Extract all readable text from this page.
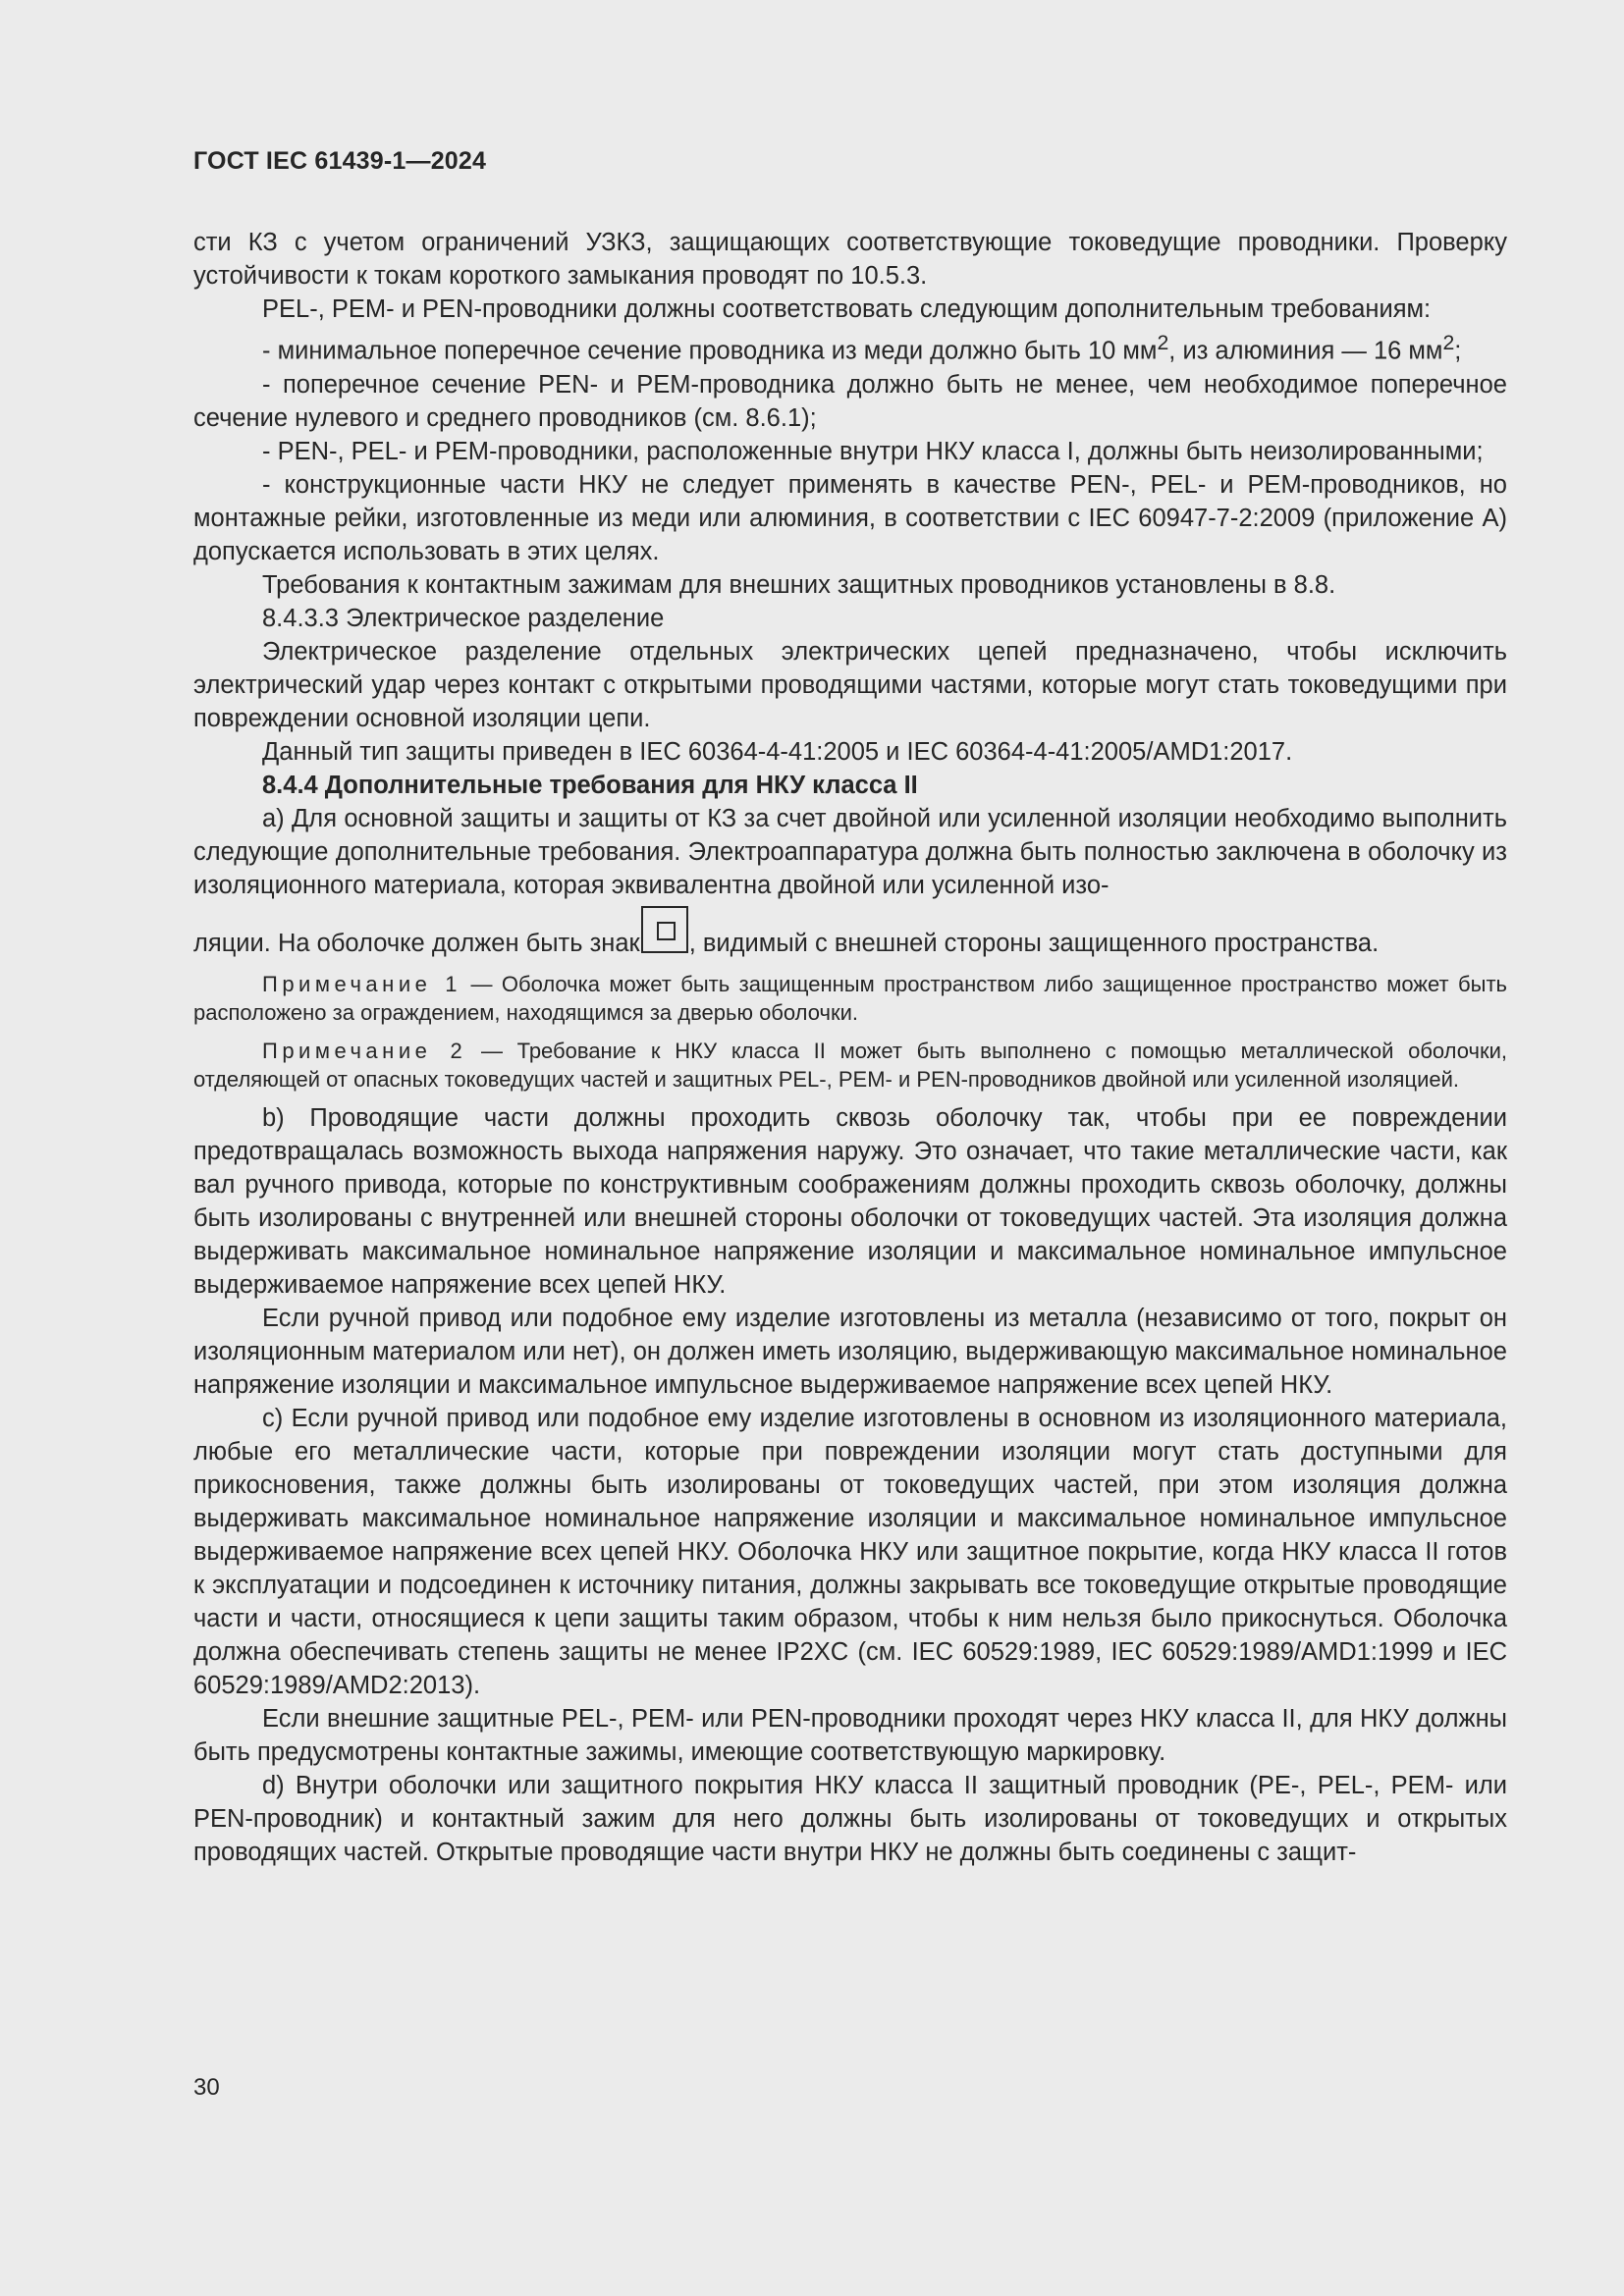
ГОСТ IEC 61439-1—2024

сти КЗ с учетом ограничений УЗКЗ, защищающих соответствующие токоведущие проводники. Проверку устойчивости к токам короткого замыкания проводят по 10.5.3.

PEL-, PEM- и PEN-проводники должны соответствовать следующим дополнительным требованиям:

- минимальное поперечное сечение проводника из меди должно быть 10 $мм^2$, из алюминия — 16 $мм^2$;

- поперечное сечение PEN- и PEM-проводника должно быть не менее, чем необходимое поперечное сечение нулевого и среднего проводников (см. 8.6.1);

- PEN-, PEL- и PEM-проводники, расположенные внутри НКУ класса I, должны быть неизолированными;

- конструкционные части НКУ не следует применять в качестве PEN-, PEL- и PEM-проводников, но монтажные рейки, изготовленные из меди или алюминия, в соответствии с IEC 60947-7-2:2009 (приложение А) допускается использовать в этих целях.

Требования к контактным зажимам для внешних защитных проводников установлены в 8.8.

8.4.3.3 Электрическое разделение

Электрическое разделение отдельных электрических цепей предназначено, чтобы исключить электрический удар через контакт с открытыми проводящими частями, которые могут стать токоведущими при повреждении основной изоляции цепи.

Данный тип защиты приведен в IEC 60364-4-41:2005 и IEC 60364-4-41:2005/AMD1:2017.

8.4.4 Дополнительные требования для НКУ класса II

а) Для основной защиты и защиты от КЗ за счет двойной или усиленной изоляции необходимо выполнить следующие дополнительные требования. Электроаппаратура должна быть полностью заключена в оболочку из изоляционного материала, которая эквивалентна двойной или усиленной изо-

ляции. На оболочке должен быть знак , видимый с внешней стороны защищенного пространства.

Примечание 1 — Оболочка может быть защищенным пространством либо защищенное пространство может быть расположено за ограждением, находящимся за дверью оболочки.

Примечание 2 — Требование к НКУ класса II может быть выполнено с помощью металлической оболочки, отделяющей от опасных токоведущих частей и защитных PEL-, PEM- и PEN-проводников двойной или усиленной изоляцией.

b) Проводящие части должны проходить сквозь оболочку так, чтобы при ее повреждении предотвращалась возможность выхода напряжения наружу. Это означает, что такие металлические части, как вал ручного привода, которые по конструктивным соображениям должны проходить сквозь оболочку, должны быть изолированы с внутренней или внешней стороны оболочки от токоведущих частей. Эта изоляция должна выдерживать максимальное номинальное напряжение изоляции и максимальное номинальное импульсное выдерживаемое напряжение всех цепей НКУ.

Если ручной привод или подобное ему изделие изготовлены из металла (независимо от того, покрыт он изоляционным материалом или нет), он должен иметь изоляцию, выдерживающую максимальное номинальное напряжение изоляции и максимальное импульсное выдерживаемое напряжение всех цепей НКУ.

c) Если ручной привод или подобное ему изделие изготовлены в основном из изоляционного материала, любые его металлические части, которые при повреждении изоляции могут стать доступными для прикосновения, также должны быть изолированы от токоведущих частей, при этом изоляция должна выдерживать максимальное номинальное напряжение изоляции и максимальное номинальное импульсное выдерживаемое напряжение всех цепей НКУ. Оболочка НКУ или защитное покрытие, когда НКУ класса II готов к эксплуатации и подсоединен к источнику питания, должны закрывать все токоведущие открытые проводящие части и части, относящиеся к цепи защиты таким образом, чтобы к ним нельзя было прикоснуться. Оболочка должна обеспечивать степень защиты не менее IP2XC (см. IEC 60529:1989, IEC 60529:1989/AMD1:1999 и IEC 60529:1989/AMD2:2013).

Если внешние защитные PEL-, PEM- или PEN-проводники проходят через НКУ класса II, для НКУ должны быть предусмотрены контактные зажимы, имеющие соответствующую маркировку.

d) Внутри оболочки или защитного покрытия НКУ класса II защитный проводник (PE-, PEL-, PEM- или PEN-проводник) и контактный зажим для него должны быть изолированы от токоведущих и открытых проводящих частей. Открытые проводящие части внутри НКУ не должны быть соединены с защит-

30
